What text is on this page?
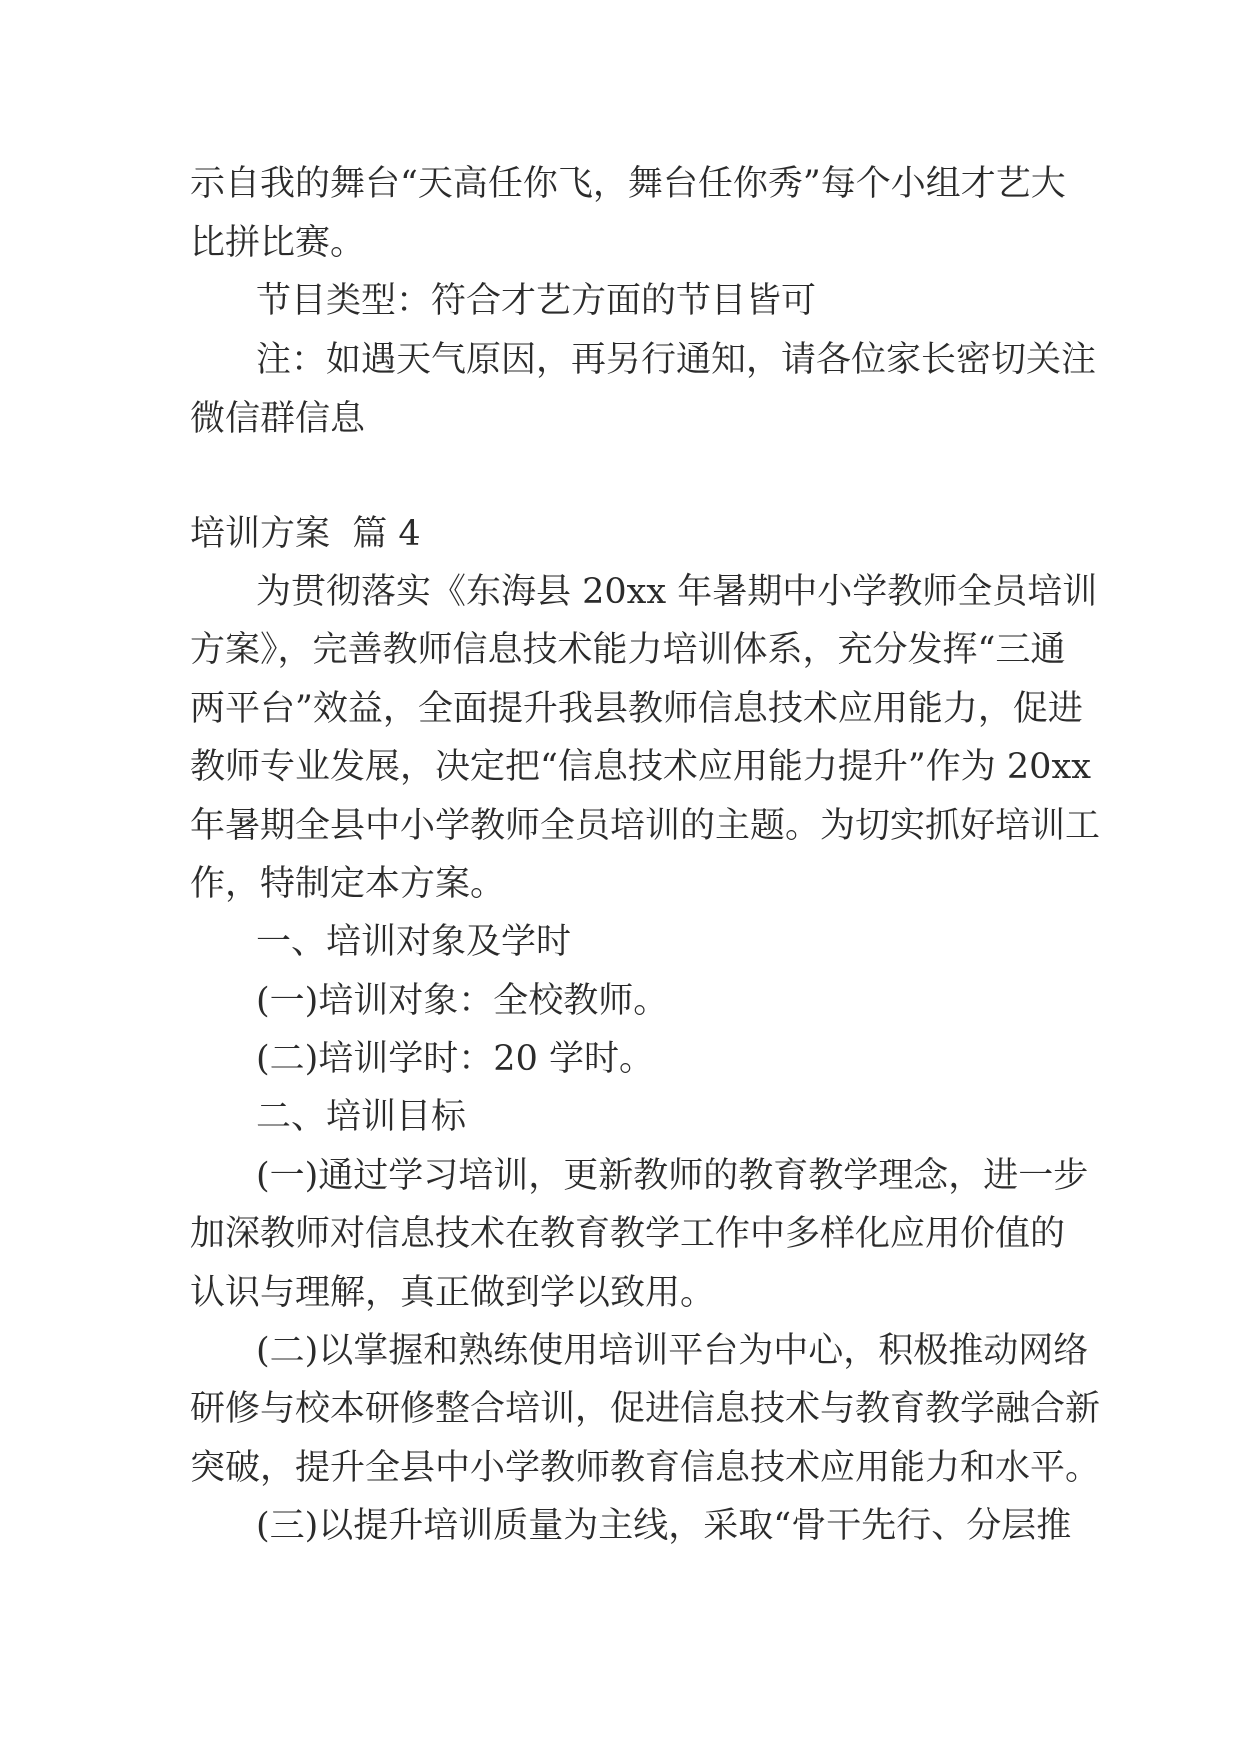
示自我的舞台“天高任你飞，舞台任你秀”每个小组才艺大
比拼比赛。
节目类型：符合才艺方面的节目皆可
注：如遇天气原因，再另行通知，请各位家长密切关注
微信群信息
培训方案  篇 4
为贯彻落实《东海县 20xx 年暑期中小学教师全员培训
方案》，完善教师信息技术能力培训体系，充分发挥“三通
两平台”效益，全面提升我县教师信息技术应用能力，促进
教师专业发展，决定把“信息技术应用能力提升”作为 20xx
年暑期全县中小学教师全员培训的主题。为切实抓好培训工
作，特制定本方案。
一、培训对象及学时
(一)培训对象：全校教师。
(二)培训学时：20 学时。
二、培训目标
(一)通过学习培训，更新教师的教育教学理念，进一步
加深教师对信息技术在教育教学工作中多样化应用价值的
认识与理解，真正做到学以致用。
(二)以掌握和熟练使用培训平台为中心，积极推动网络
研修与校本研修整合培训，促进信息技术与教育教学融合新
突破，提升全县中小学教师教育信息技术应用能力和水平。
(三)以提升培训质量为主线，采取“骨干先行、分层推
